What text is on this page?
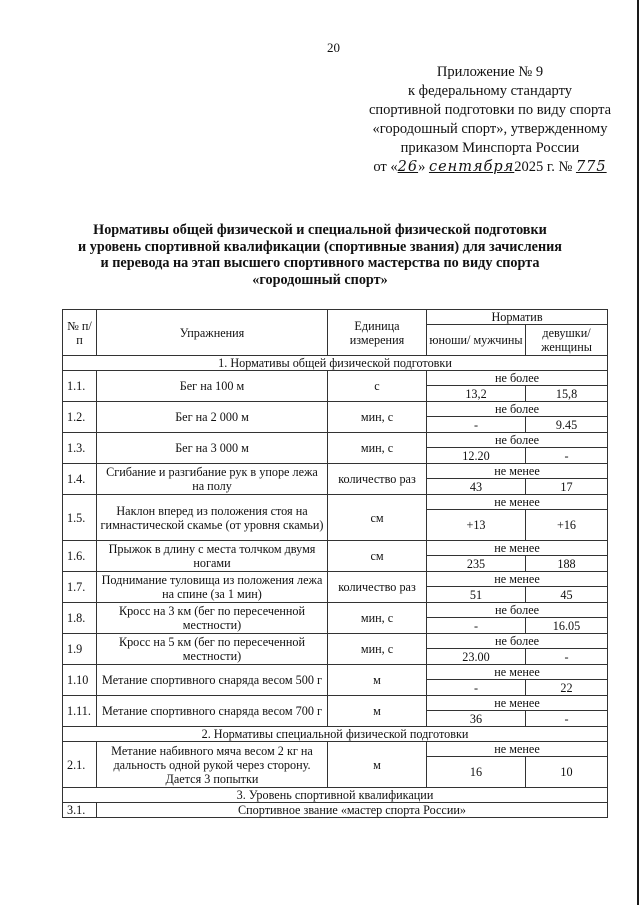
20
Приложение № 9
к федеральному стандарту
спортивной подготовки по виду спорта
«городошный спорт», утвержденному
приказом Минспорта России
от «26» сентября2025 г. № 775
Нормативы общей физической и специальной физической подготовки
и уровень спортивной квалификации (спортивные звания) для зачисления
и перевода на этап высшего спортивного мастерства по виду спорта
«городошный спорт»
№ п/п	Упражнения	Единица измерения	Норматив	
			юноши/ мужчины	девушки/ женщины
1. Нормативы общей физической подготовки				
1.1.	Бег на 100 м	с	не более	
			13,2	15,8
1.2.	Бег на 2 000 м	мин, с	не более	
			-	9.45
1.3.	Бег на 3 000 м	мин, с	не более	
			12.20	-
1.4.	Сгибание и разгибание рук в упоре лежа на полу	количество раз	не менее	
			43	17
1.5.	Наклон вперед из положения стоя на гимнастической скамье (от уровня скамьи)	см	не менее	
			+13	+16
1.6.	Прыжок в длину с места толчком двумя ногами	см	не менее	
			235	188
1.7.	Поднимание туловища из положения лежа на спине (за 1 мин)	количество раз	не менее	
			51	45
1.8.	Кросс на 3 км (бег по пересеченной местности)	мин, с	не более	
			-	16.05
1.9	Кросс на 5 км (бег по пересеченной местности)	мин, с	не более	
			23.00	-
1.10	Метание спортивного снаряда весом 500 г	м	не менее	
			-	22
1.11.	Метание спортивного снаряда весом 700 г	м	не менее	
			36	-
2. Нормативы специальной физической подготовки				
2.1.	Метание набивного мяча весом 2 кг на дальность одной рукой через сторону. Дается 3 попытки	м	не менее	
			16	10
3. Уровень спортивной квалификации				
3.1.	Спортивное звание «мастер спорта России»			
